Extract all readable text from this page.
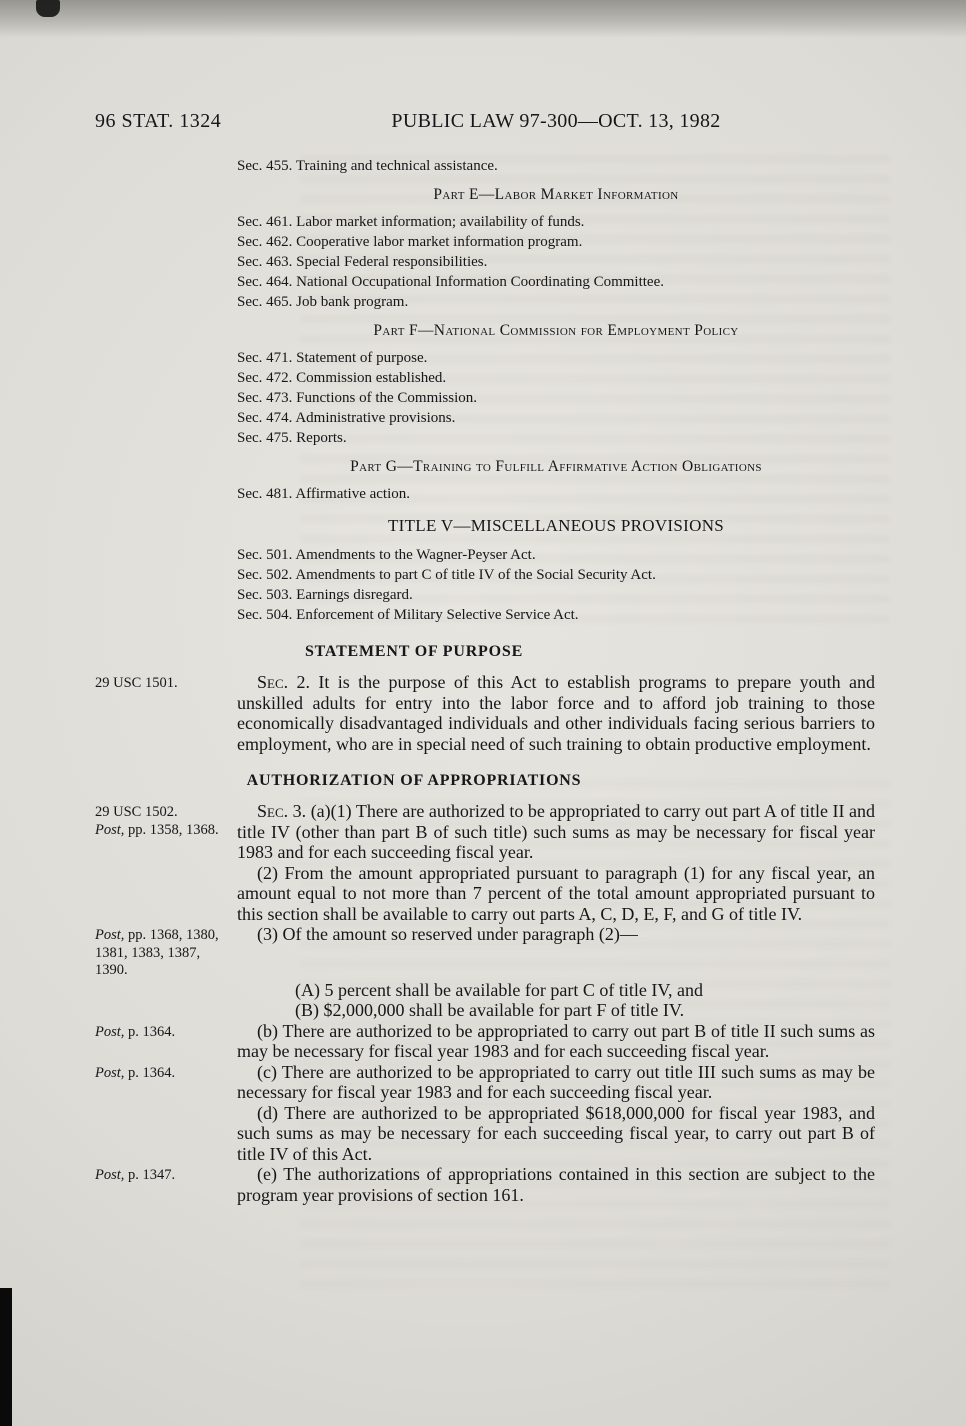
96 STAT. 1324	PUBLIC LAW 97-300—OCT. 13, 1982
Sec. 455. Training and technical assistance.
Part E—Labor Market Information
Sec. 461. Labor market information; availability of funds.
Sec. 462. Cooperative labor market information program.
Sec. 463. Special Federal responsibilities.
Sec. 464. National Occupational Information Coordinating Committee.
Sec. 465. Job bank program.
Part F—National Commission for Employment Policy
Sec. 471. Statement of purpose.
Sec. 472. Commission established.
Sec. 473. Functions of the Commission.
Sec. 474. Administrative provisions.
Sec. 475. Reports.
Part G—Training to Fulfill Affirmative Action Obligations
Sec. 481. Affirmative action.
TITLE V—MISCELLANEOUS PROVISIONS
Sec. 501. Amendments to the Wagner-Peyser Act.
Sec. 502. Amendments to part C of title IV of the Social Security Act.
Sec. 503. Earnings disregard.
Sec. 504. Enforcement of Military Selective Service Act.
STATEMENT OF PURPOSE
29 USC 1501.	Sec. 2. It is the purpose of this Act to establish programs to prepare youth and unskilled adults for entry into the labor force and to afford job training to those economically disadvantaged individuals and other individuals facing serious barriers to employment, who are in special need of such training to obtain productive employment.

AUTHORIZATION OF APPROPRIATIONS
29 USC 1502.
Post, pp. 1358, 1368.

Sec. 3. (a)(1) There are authorized to be appropriated to carry out part A of title II and title IV (other than part B of such title) such sums as may be necessary for fiscal year 1983 and for each succeeding fiscal year.

(2) From the amount appropriated pursuant to paragraph (1) for any fiscal year, an amount equal to not more than 7 percent of the total amount appropriated pursuant to this section shall be available to carry out parts A, C, D, E, F, and G of title IV.

Post, pp. 1368, 1380, 1381, 1383, 1387, 1390.

(3) Of the amount so reserved under paragraph (2)—

(A) 5 percent shall be available for part C of title IV, and

(B) $2,000,000 shall be available for part F of title IV.

Post, p. 1364.	(b) There are authorized to be appropriated to carry out part B of title II such sums as may be necessary for fiscal year 1983 and for each succeeding fiscal year.

Post, p. 1364.	(c) There are authorized to be appropriated to carry out title III such sums as may be necessary for fiscal year 1983 and for each succeeding fiscal year.

(d) There are authorized to be appropriated $618,000,000 for fiscal year 1983, and such sums as may be necessary for each succeeding fiscal year, to carry out part B of title IV of this Act.

Post, p. 1347.	(e) The authorizations of appropriations contained in this section are subject to the program year provisions of section 161.
